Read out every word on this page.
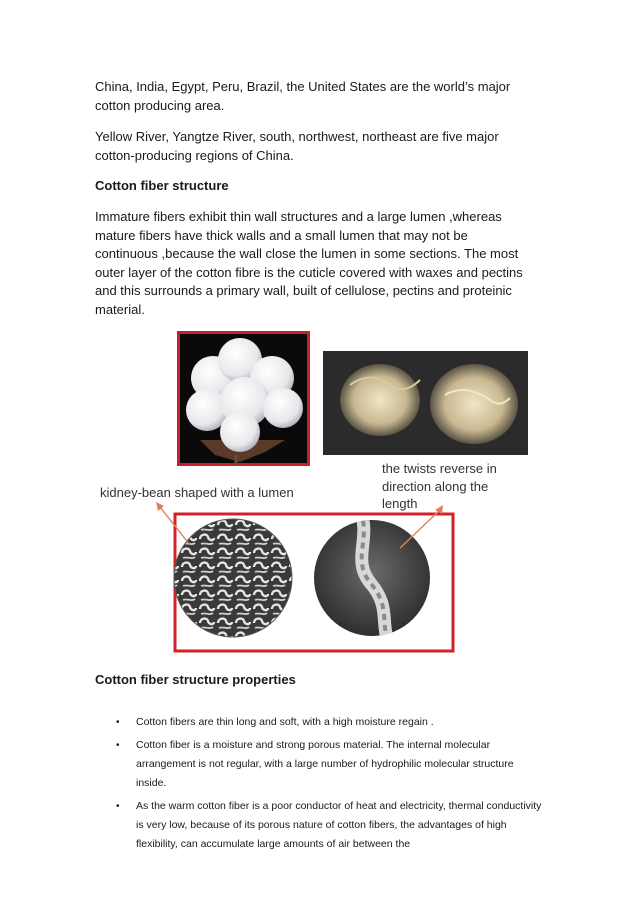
China, India, Egypt, Peru, Brazil, the United States are the world’s major cotton producing area.

Yellow River, Yangtze River, south, northwest, northeast are five major cotton-producing regions of China.

Cotton fiber structure

Immature fibers exhibit thin wall structures and a large lumen ,whereas mature fibers have thick walls and a small lumen that may not be continuous ,because the wall close the lumen in some sections. The most outer layer of the cotton fibre is the cuticle covered with waxes and pectins and this surrounds a primary wall, built of cellulose, pectins and proteinic material.

kidney-bean shaped with a lumen
the twists reverse in
direction along the
length

Cotton fiber structure properties

• Cotton fibers are thin long and soft, with a high moisture regain .
• Cotton fiber is a moisture and strong porous material. The internal molecular arrangement is not regular, with a large number of hydrophilic molecular structure inside.
• As the warm cotton fiber is a poor conductor of heat and electricity, thermal conductivity is very low, because of its porous nature of cotton fibers, the advantages of high flexibility, can accumulate large amounts of air between the
